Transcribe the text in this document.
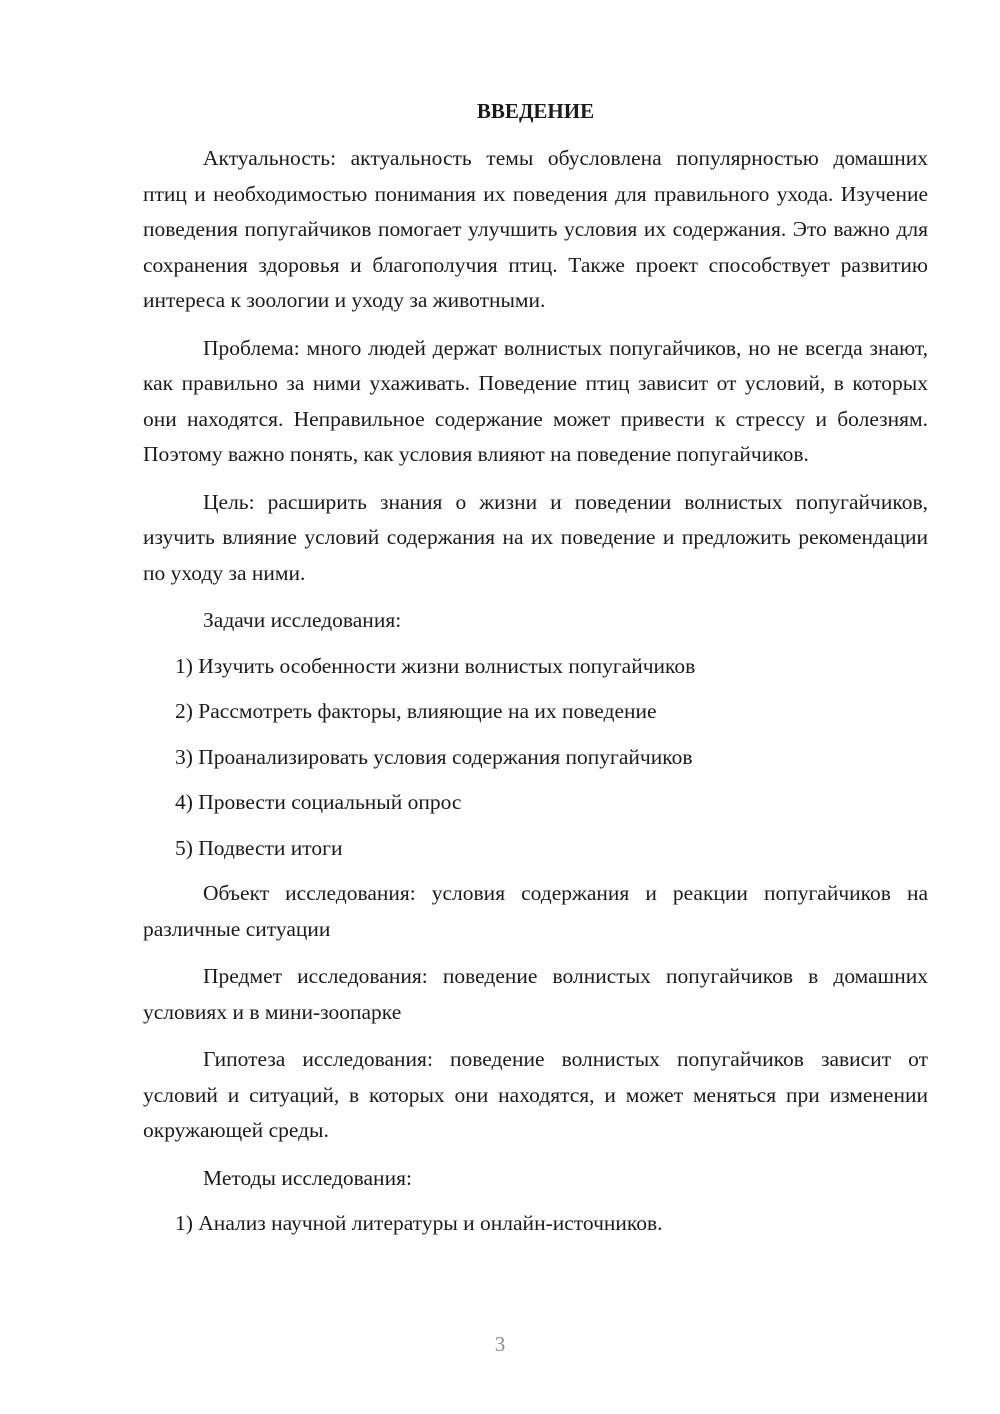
ВВЕДЕНИЕ

Актуальность: актуальность темы обусловлена популярностью домашних птиц и необходимостью понимания их поведения для правильного ухода. Изучение поведения попугайчиков помогает улучшить условия их содержания. Это важно для сохранения здоровья и благополучия птиц. Также проект способствует развитию интереса к зоологии и уходу за животными.

Проблема: много людей держат волнистых попугайчиков, но не всегда знают, как правильно за ними ухаживать. Поведение птиц зависит от условий, в которых они находятся. Неправильное содержание может привести к стрессу и болезням. Поэтому важно понять, как условия влияют на поведение попугайчиков.

Цель: расширить знания о жизни и поведении волнистых попугайчиков, изучить влияние условий содержания на их поведение и предложить рекомендации по уходу за ними.

Задачи исследования:

1) Изучить особенности жизни волнистых попугайчиков
2) Рассмотреть факторы, влияющие на их поведение
3) Проанализировать условия содержания попугайчиков
4) Провести социальный опрос
5) Подвести итоги

Объект исследования: условия содержания и реакции попугайчиков на различные ситуации

Предмет исследования: поведение волнистых попугайчиков в домашних условиях и в мини-зоопарке

Гипотеза исследования: поведение волнистых попугайчиков зависит от условий и ситуаций, в которых они находятся, и может меняться при изменении окружающей среды.

Методы исследования:

1) Анализ научной литературы и онлайн-источников.
3
